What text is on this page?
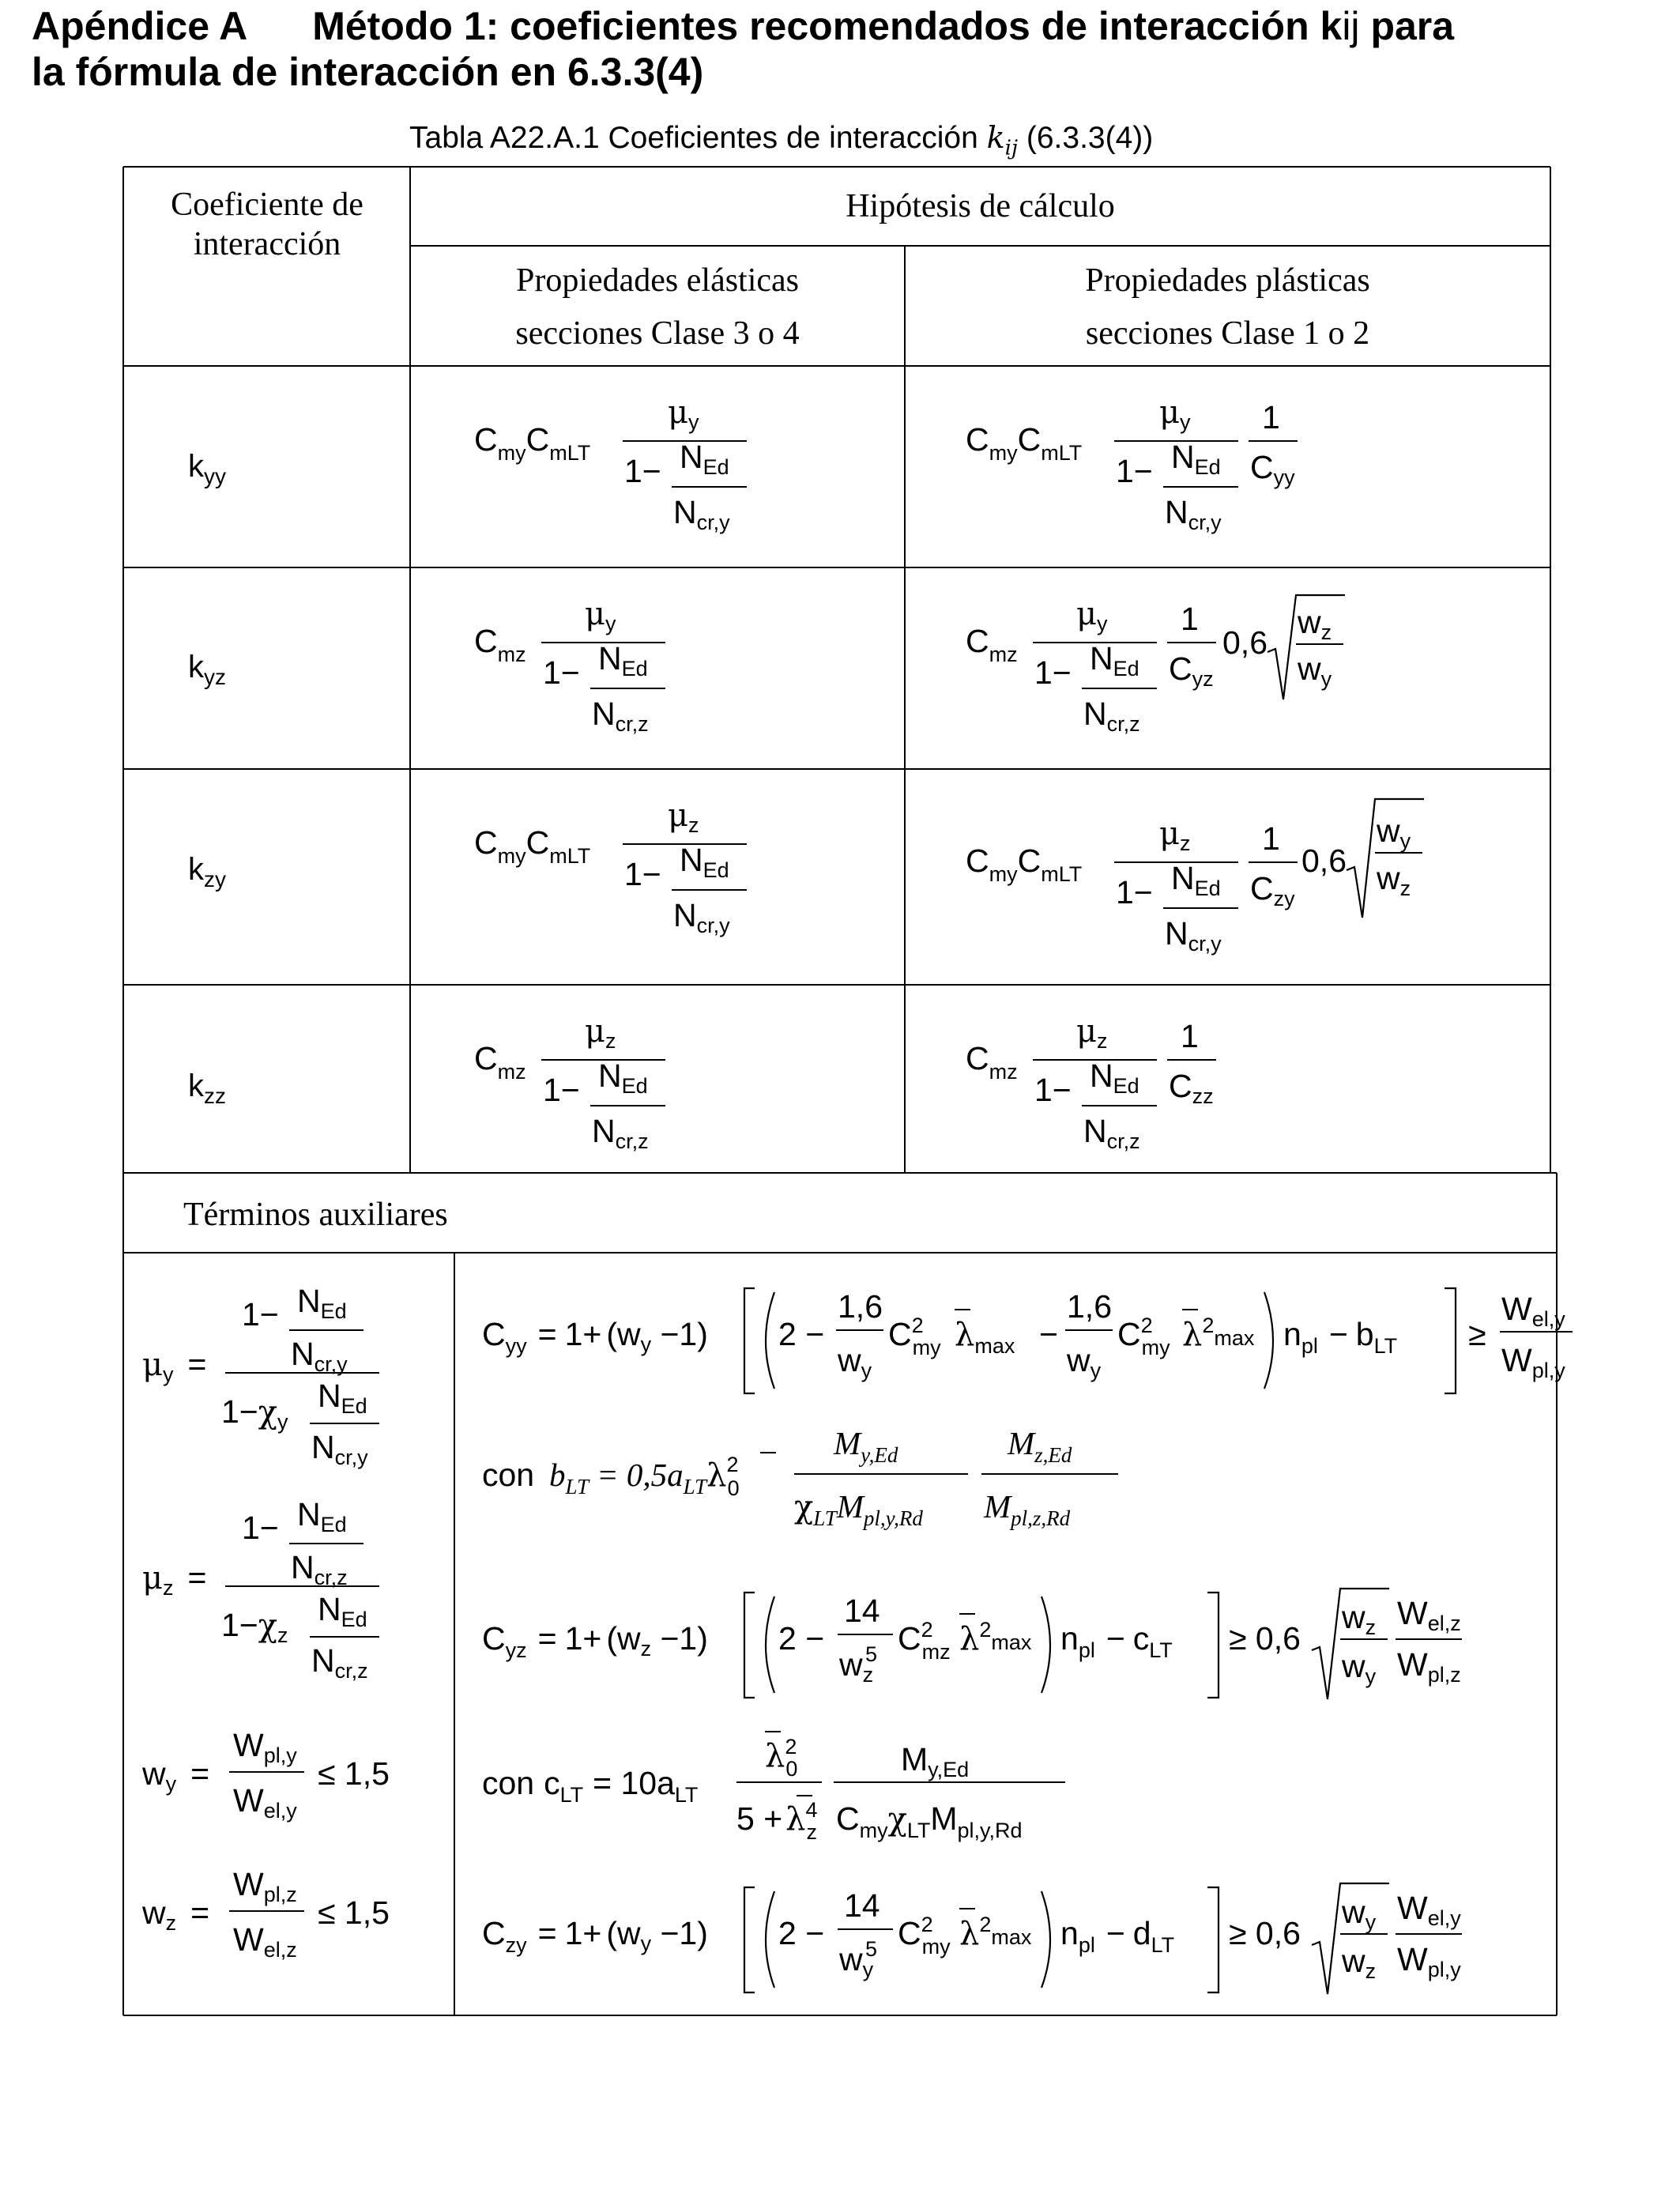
Apéndice A Método 1: coeficientes recomendados de interacción kij para
la fórmula de interacción en 6.3.3(4)
Tabla A22.A.1 Coeficientes de interacción $k_{ij}$ (6.3.3(4))
Coeficiente de interacción
Hipótesis de cálculo
Propiedades elásticas
secciones Clase 3 o 4
Propiedades plásticas
secciones Clase 1 o 2
$k_{yy}$
$k_{yz}$
$k_{zy}$
$k_{zz}$
Términos auxiliares
$C_{my}C_{mLT}$
μy
1− NEd
Ncr,y
$C_{my}C_{mLT}$
μy
1− NEd
Ncr,y
1
Cyy
$C_{mz}$
μy
1− NEd
Ncr,z
$C_{mz}$
μy
1− NEd
Ncr,z
1
Cyz
0,6
wz
wy
$C_{my}C_{mLT}$
μz
1− NEd
Ncr,y
$C_{my}C_{mLT}$
μz
1− NEd
Ncr,y
1
Czy
0,6
wy
wz
$C_{mz}$
μz
1− NEd
Ncr,z
$C_{mz}$
μz
1− NEd
Ncr,z
1
Czz
μy =
1− NEd
Ncr,y
1−χy
NEd
Ncr,y
μz =
1− NEd
Ncr,z
1−χz
NEd
Ncr,z
wy =
Wpl,y
Wel,y
≤ 1,5
wz =
Wpl,z
Wel,z
≤ 1,5
$C_{yy} = 1+ (wy -1) 2$ −
1,6
wy
$C^2$ my $\lambda_{max}$ −
1,6
wy
$C^2$ my $\lambda^2_{max}$ $n_{pl} - b_{LT}$ ≥
Wel,y
Wpl,y
con $b_{LT} = 0,5a_{LT}\lambda^2$ 0
$M_{y,Ed}$
$\chi_{LT}M_{pl,y,Rd}$
$M_{z,Ed}$
$M_{pl,z,Rd}$
$C_{yz} = 1+ (wz -1) 2$ −
14
wz
5 $C^2$ mz $\lambda^2_{max}$ $n_{pl} - c_{LT} \ge 0,6$
wz
wy
Wel,z
Wpl,z
con $c_{LT} = 10a_{LT}$
$\lambda^2$ 0
$5 + \lambda^4$ z
My,Ed
$C_{my}\chi_{LT}M_{pl,y,Rd}$
$C_{zy} = 1+ (wy -1) 2$ −
14
wy
5 $C^2$ my $\lambda^2_{max}$ $n_{pl} - d_{LT} \ge 0,6$
wy
wz
Wel,y
Wpl,y
